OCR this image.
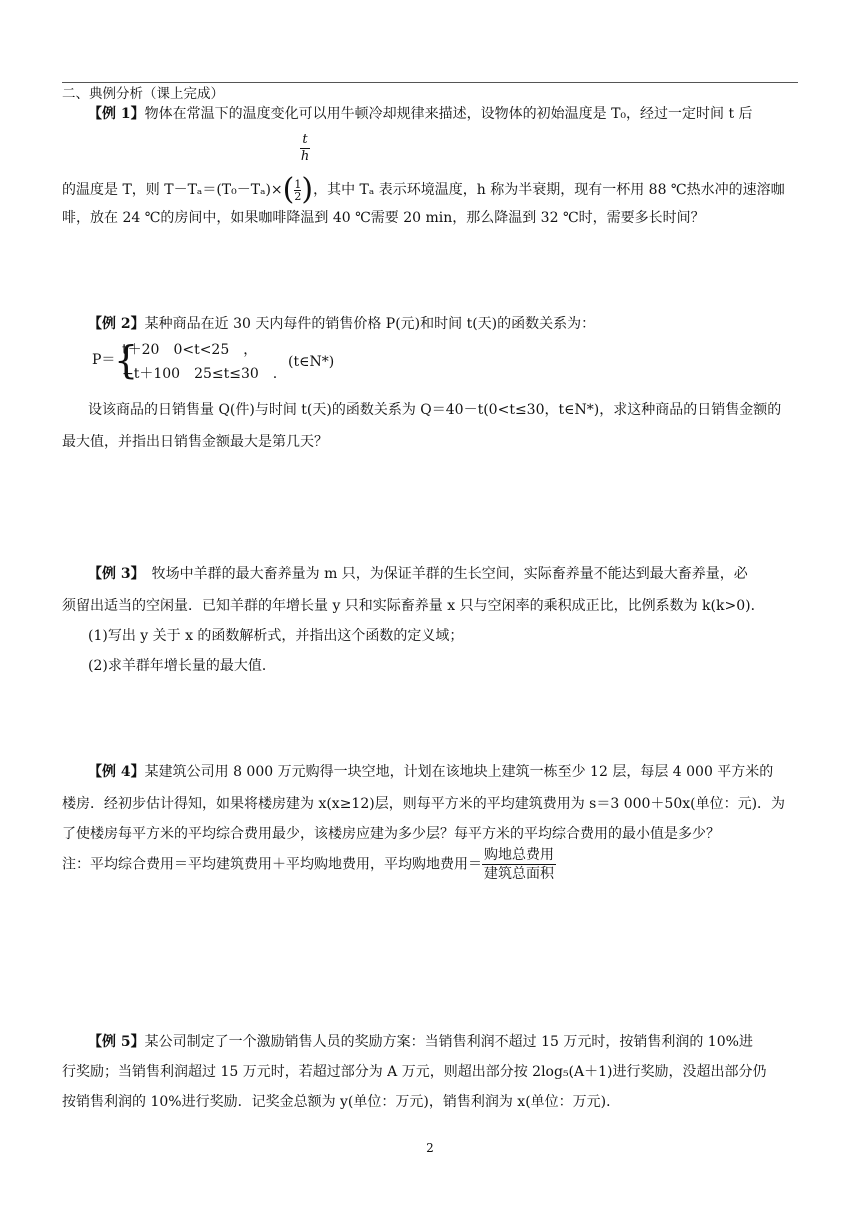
二、典例分析（课上完成）
【例 1】物体在常温下的温度变化可以用牛顿冷却规律来描述，设物体的初始温度是 T₀，经过一定时间 t 后
t
h
的温度是 T，则 $T-T_a=(T_0-T_a)\times( \frac{1}{2}$ )，其中 Tₐ 表示环境温度，h 称为半衰期，现有一杯用 88 ℃热水冲的速溶咖
啡，放在 24 ℃的房间中，如果咖啡降温到 40 ℃需要 20 min，那么降温到 32 ℃时，需要多长时间？
【例 2】某种商品在近 30 天内每件的销售价格 P(元)和时间 t(天)的函数关系为：
P＝
{
t＋20　0<t<25　，
−t＋100　25≤t≤30　.
(t∈N*)
设该商品的日销售量 Q(件)与时间 t(天)的函数关系为 Q＝40－t(0<t≤30，t∈N*)，求这种商品的日销售金额的
最大值，并指出日销售金额最大是第几天？
【例 3】　牧场中羊群的最大畜养量为 m 只，为保证羊群的生长空间，实际畜养量不能达到最大畜养量，必
须留出适当的空闲量．已知羊群的年增长量 y 只和实际畜养量 x 只与空闲率的乘积成正比，比例系数为 k(k>0)．
(1)写出 y 关于 x 的函数解析式，并指出这个函数的定义域；
(2)求羊群年增长量的最大值．
【例 4】某建筑公司用 8 000 万元购得一块空地，计划在该地块上建筑一栋至少 12 层，每层 4 000 平方米的
楼房．经初步估计得知，如果将楼房建为 x(x≥12)层，则每平方米的平均建筑费用为 s＝3 000＋50x(单位：元)．为
了使楼房每平方米的平均综合费用最少，该楼房应建为多少层？每平方米的平均综合费用的最小值是多少？
注：平均综合费用＝平均建筑费用＋平均购地费用，平均购地费用＝ $\frac{\text{购地总费用}}{\text{建筑总面积}}$
【例 5】某公司制定了一个激励销售人员的奖励方案：当销售利润不超过 15 万元时，按销售利润的 10%进
行奖励；当销售利润超过 15 万元时，若超过部分为 A 万元，则超出部分按 2log₅(A＋1)进行奖励，没超出部分仍
按销售利润的 10%进行奖励．记奖金总额为 y(单位：万元)，销售利润为 x(单位：万元)．
2
